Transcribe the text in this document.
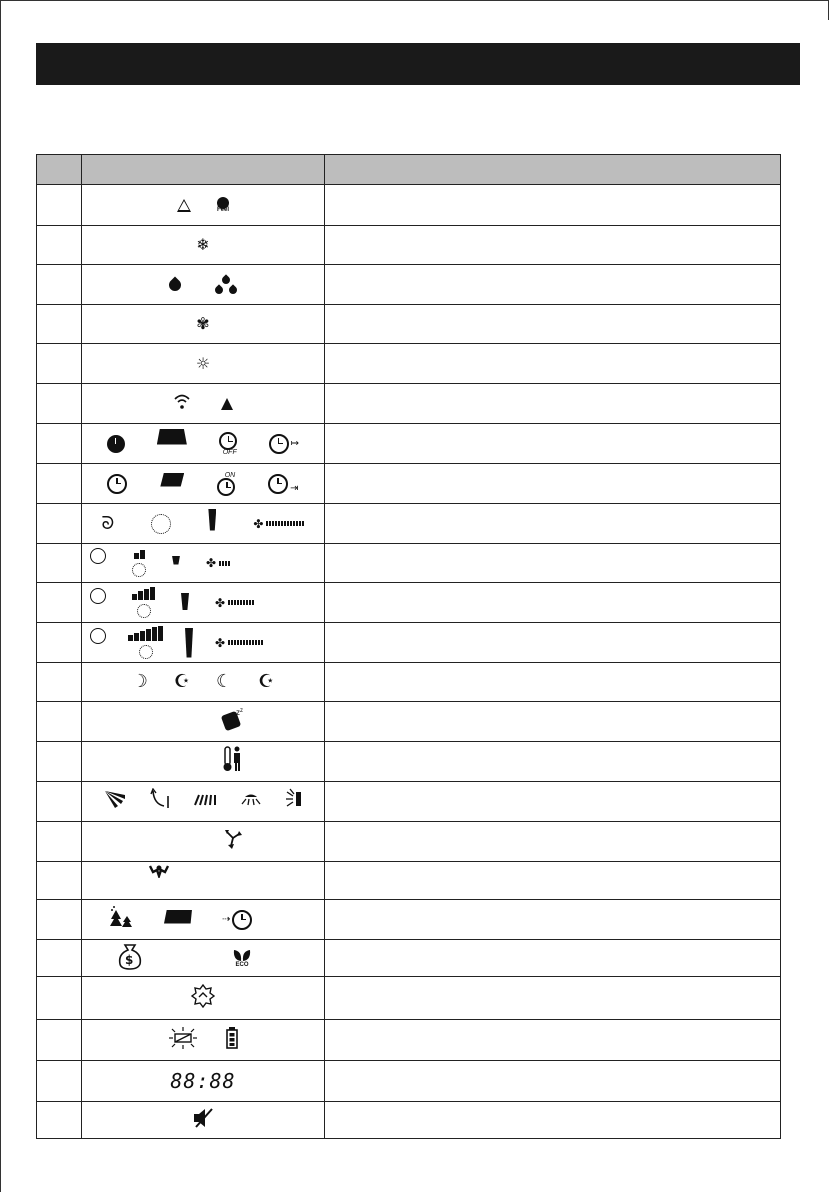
	Feel	

	❄	

	✾	

	☼	

	OFF
↦	

	ON
⇥	

	ᘐ ✤	

	✤	

	✤	

	✤	

	☽ ☪ ☾ ☪	

z z	

	⇢	

$ ECO	

	88:88	
